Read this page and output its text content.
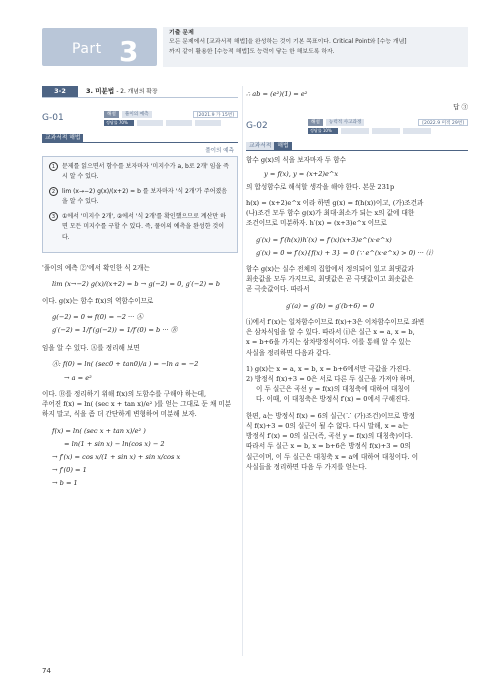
Part 3
기출 문제
모든 문제에서 [교과서적 해법]을 완성하는 것이 기본 목표이다. Critical Point와 [수능 개념]
까지 같이 활용한 [수능적 해법]도 능력이 닿는 한 해보도록 하자.
3-2	3. 미분법 - 2. 개념의 확장
G-01	해설	풀이의 예측	[2021.9 가 15번]
정답률 70%
교과서적 해법
풀이의 예측
1	문제를 읽으면서 함수를 보자마자 '미지수가 a, b로 2개' 임을 즉시 알 수 있다.
2	lim (x→−2) g(x)/(x+2) = b 를 보자마자 '식 2개'가 주어졌음을 알 수 있다.
3	①에서 '미지수 2개', ②에서 '식 2개'를 확인했으므로 계산만 하면 모든 미지수를 구할 수 있다. 즉, 풀이의 예측을 완성한 것이다.
'풀이의 예측 ②'에서 확인한 식 2개는
lim (x→−2) g(x)/(x+2) = b → g(−2) = 0, g′(−2) = b
이다. g(x)는 함수 f(x)의 역함수이므로
g(−2) = 0 ⇔ f(0) = −2 ··· Ⓐ
g′(−2) = 1/f′(g(−2)) = 1/f′(0) = b ··· Ⓑ
임을 알 수 있다. Ⓐ를 정리해 보면
Ⓐ: f(0) = ln( (sec0 + tan0)/a ) = −ln a = −2
→ a = e²
이다. Ⓑ를 정리하기 위해 f(x)의 도함수를 구해야 하는데,
주어진 f(x) = ln( (sec x + tan x)/e² )를 얻는 그대로 둔 채 미분
하지 말고, 식을 좀 더 간단하게 변형하여 미분해 보자.
f(x) = ln( (sec x + tan x)/e² )
= ln(1 + sin x) − ln(cos x) − 2
→ f′(x) = cos x/(1 + sin x) + sin x/cos x
→ f′(0) = 1
→ b = 1
∴ ab = (e²)(1) = e²
답 ③
G-02	해설	능력적 사고과정	[2022.9 미적 29번]
정답률 10%
교과서적	해법
함수 g(x)의 식을 보자마자 두 함수
y = f(x), y = (x+2)e^x
의 합성함수로 해석할 생각을 해야 한다. 본문 231p
h(x) = (x+2)e^x 이라 하면 g(x) = f(h(x))이고, (가)조건과
(나)조건 모두 함수 g(x)가 최대·최소가 되는 x의 값에 대한
조건이므로 미분하자. h′(x) = (x+3)e^x 이므로
g′(x) = f′(h(x))h′(x) = f′(x)(x+3)e^(x·e^x)
g′(x) = 0 ⇔ f′(x){f(x) + 3} = 0 (∵ e^(x·e^x) > 0) ··· ⒤
함수 g(x)는 실수 전체의 집합에서 정의되어 있고 최댓값과
최솟값을 모두 가지므로, 최댓값은 곧 극댓값이고 최솟값은
곧 극솟값이다. 따라서
g′(a) = g′(b) = g′(b+6) = 0
⒤에서 f′(x)는 일차함수이므로 f(x)+3은 이차함수이므로 좌변
은 삼차식임을 알 수 있다. 따라서 ⒤은 실근 x = a, x = b,
x = b+6을 가지는 삼차방정식이다. 이를 통해 알 수 있는
사실을 정리하면 다음과 같다.
1) g(x)는 x = a, x = b, x = b+6에서만 극값을 가진다.
2) 방정식 f(x)+3 = 0은 서로 다른 두 실근을 가져야 하며,
이 두 실근은 곡선 y = f(x)의 대칭축에 대하여 대칭이
다. 이때, 이 대칭축은 방정식 f′(x) = 0에서 구해진다.
한편, a는 방정식 f(x) = 6의 실근(∵ (가)조건)이므로 방정
식 f(x)+3 = 0의 실근이 될 수 없다. 다시 말해, x = a는
방정식 f′(x) = 0의 실근(즉, 곡선 y = f(x)의 대칭축)이다.
따라서 두 실근 x = b, x = b+6은 방정식 f(x)+3 = 0의
실근이며, 이 두 실근은 대칭축 x = a에 대하여 대칭이다. 이
사실들을 정리하면 다음 두 가지를 얻는다.
74
